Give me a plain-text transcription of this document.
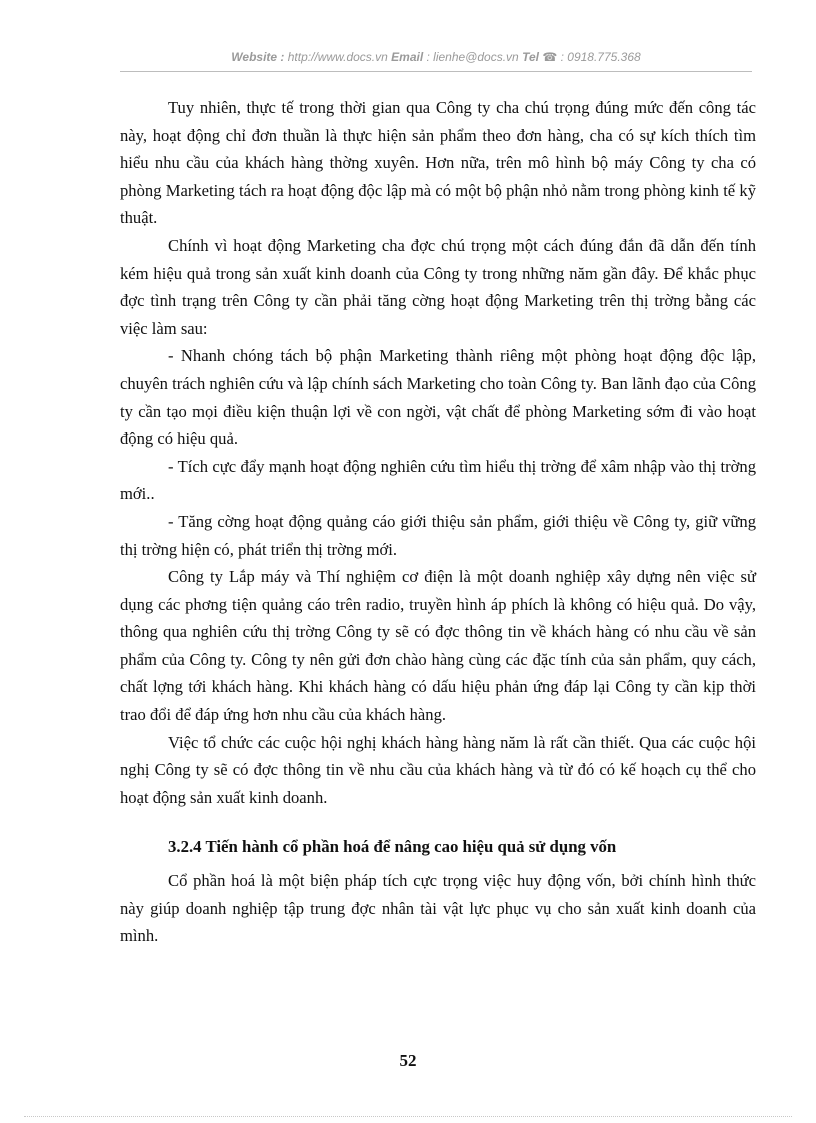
Website : http://www.docs.vn Email : lienhe@docs.vn Tel ☎ : 0918.775.368

Tuy nhiên, thực tế trong thời gian qua Công ty cha chú trọng đúng mức đến công tác này, hoạt động chỉ đơn thuần là thực hiện sản phẩm theo đơn hàng, cha có sự kích thích tìm hiểu nhu cầu của khách hàng thờng xuyên. Hơn nữa, trên mô hình bộ máy Công ty cha có phòng Marketing tách ra hoạt động độc lập mà có một bộ phận nhỏ nằm trong phòng kinh tế kỹ thuật.

Chính vì hoạt động Marketing cha đợc chú trọng một cách đúng đắn đã dẫn đến tính kém hiệu quả trong sản xuất kinh doanh của Công ty trong những năm gần đây. Để khắc phục đợc tình trạng trên Công ty cần phải tăng cờng hoạt động Marketing trên thị trờng bằng các việc làm sau:

- Nhanh chóng tách bộ phận Marketing thành riêng một phòng hoạt động độc lập, chuyên trách nghiên cứu và lập chính sách Marketing cho toàn Công ty. Ban lãnh đạo của Công ty cần tạo mọi điều kiện thuận lợi về con ngời, vật chất để phòng Marketing sớm đi vào hoạt động có hiệu quả.

- Tích cực đẩy mạnh hoạt động nghiên cứu tìm hiểu thị trờng để xâm nhập vào thị trờng mới..

- Tăng cờng hoạt động quảng cáo giới thiệu sản phẩm, giới thiệu về Công ty, giữ vững thị trờng hiện có, phát triển thị trờng mới.

Công ty Lắp máy và Thí nghiệm cơ điện là một doanh nghiệp xây dựng nên việc sử dụng các phơng tiện quảng cáo trên radio, truyền hình áp phích là không có hiệu quả. Do vậy, thông qua nghiên cứu thị trờng Công ty sẽ có đợc thông tin về khách hàng có nhu cầu về sản phẩm của Công ty. Công ty nên gửi đơn chào hàng cùng các đặc tính của sản phẩm, quy cách, chất lợng tới khách hàng. Khi khách hàng có dấu hiệu phản ứng đáp lại Công ty cần kịp thời trao đổi để đáp ứng hơn nhu cầu của khách hàng.

Việc tổ chức các cuộc hội nghị khách hàng hàng năm là rất cần thiết. Qua các cuộc hội nghị Công ty sẽ có đợc thông tin về nhu cầu của khách hàng và từ đó có kế hoạch cụ thể cho hoạt động sản xuất kinh doanh.

3.2.4 Tiến hành cổ phần hoá để nâng cao hiệu quả sử dụng vốn

Cổ phần hoá là một biện pháp tích cực trọng việc huy động vốn, bởi chính hình thức này giúp doanh nghiệp tập trung đợc nhân tài vật lực phục vụ cho sản xuất kinh doanh của mình.

52
